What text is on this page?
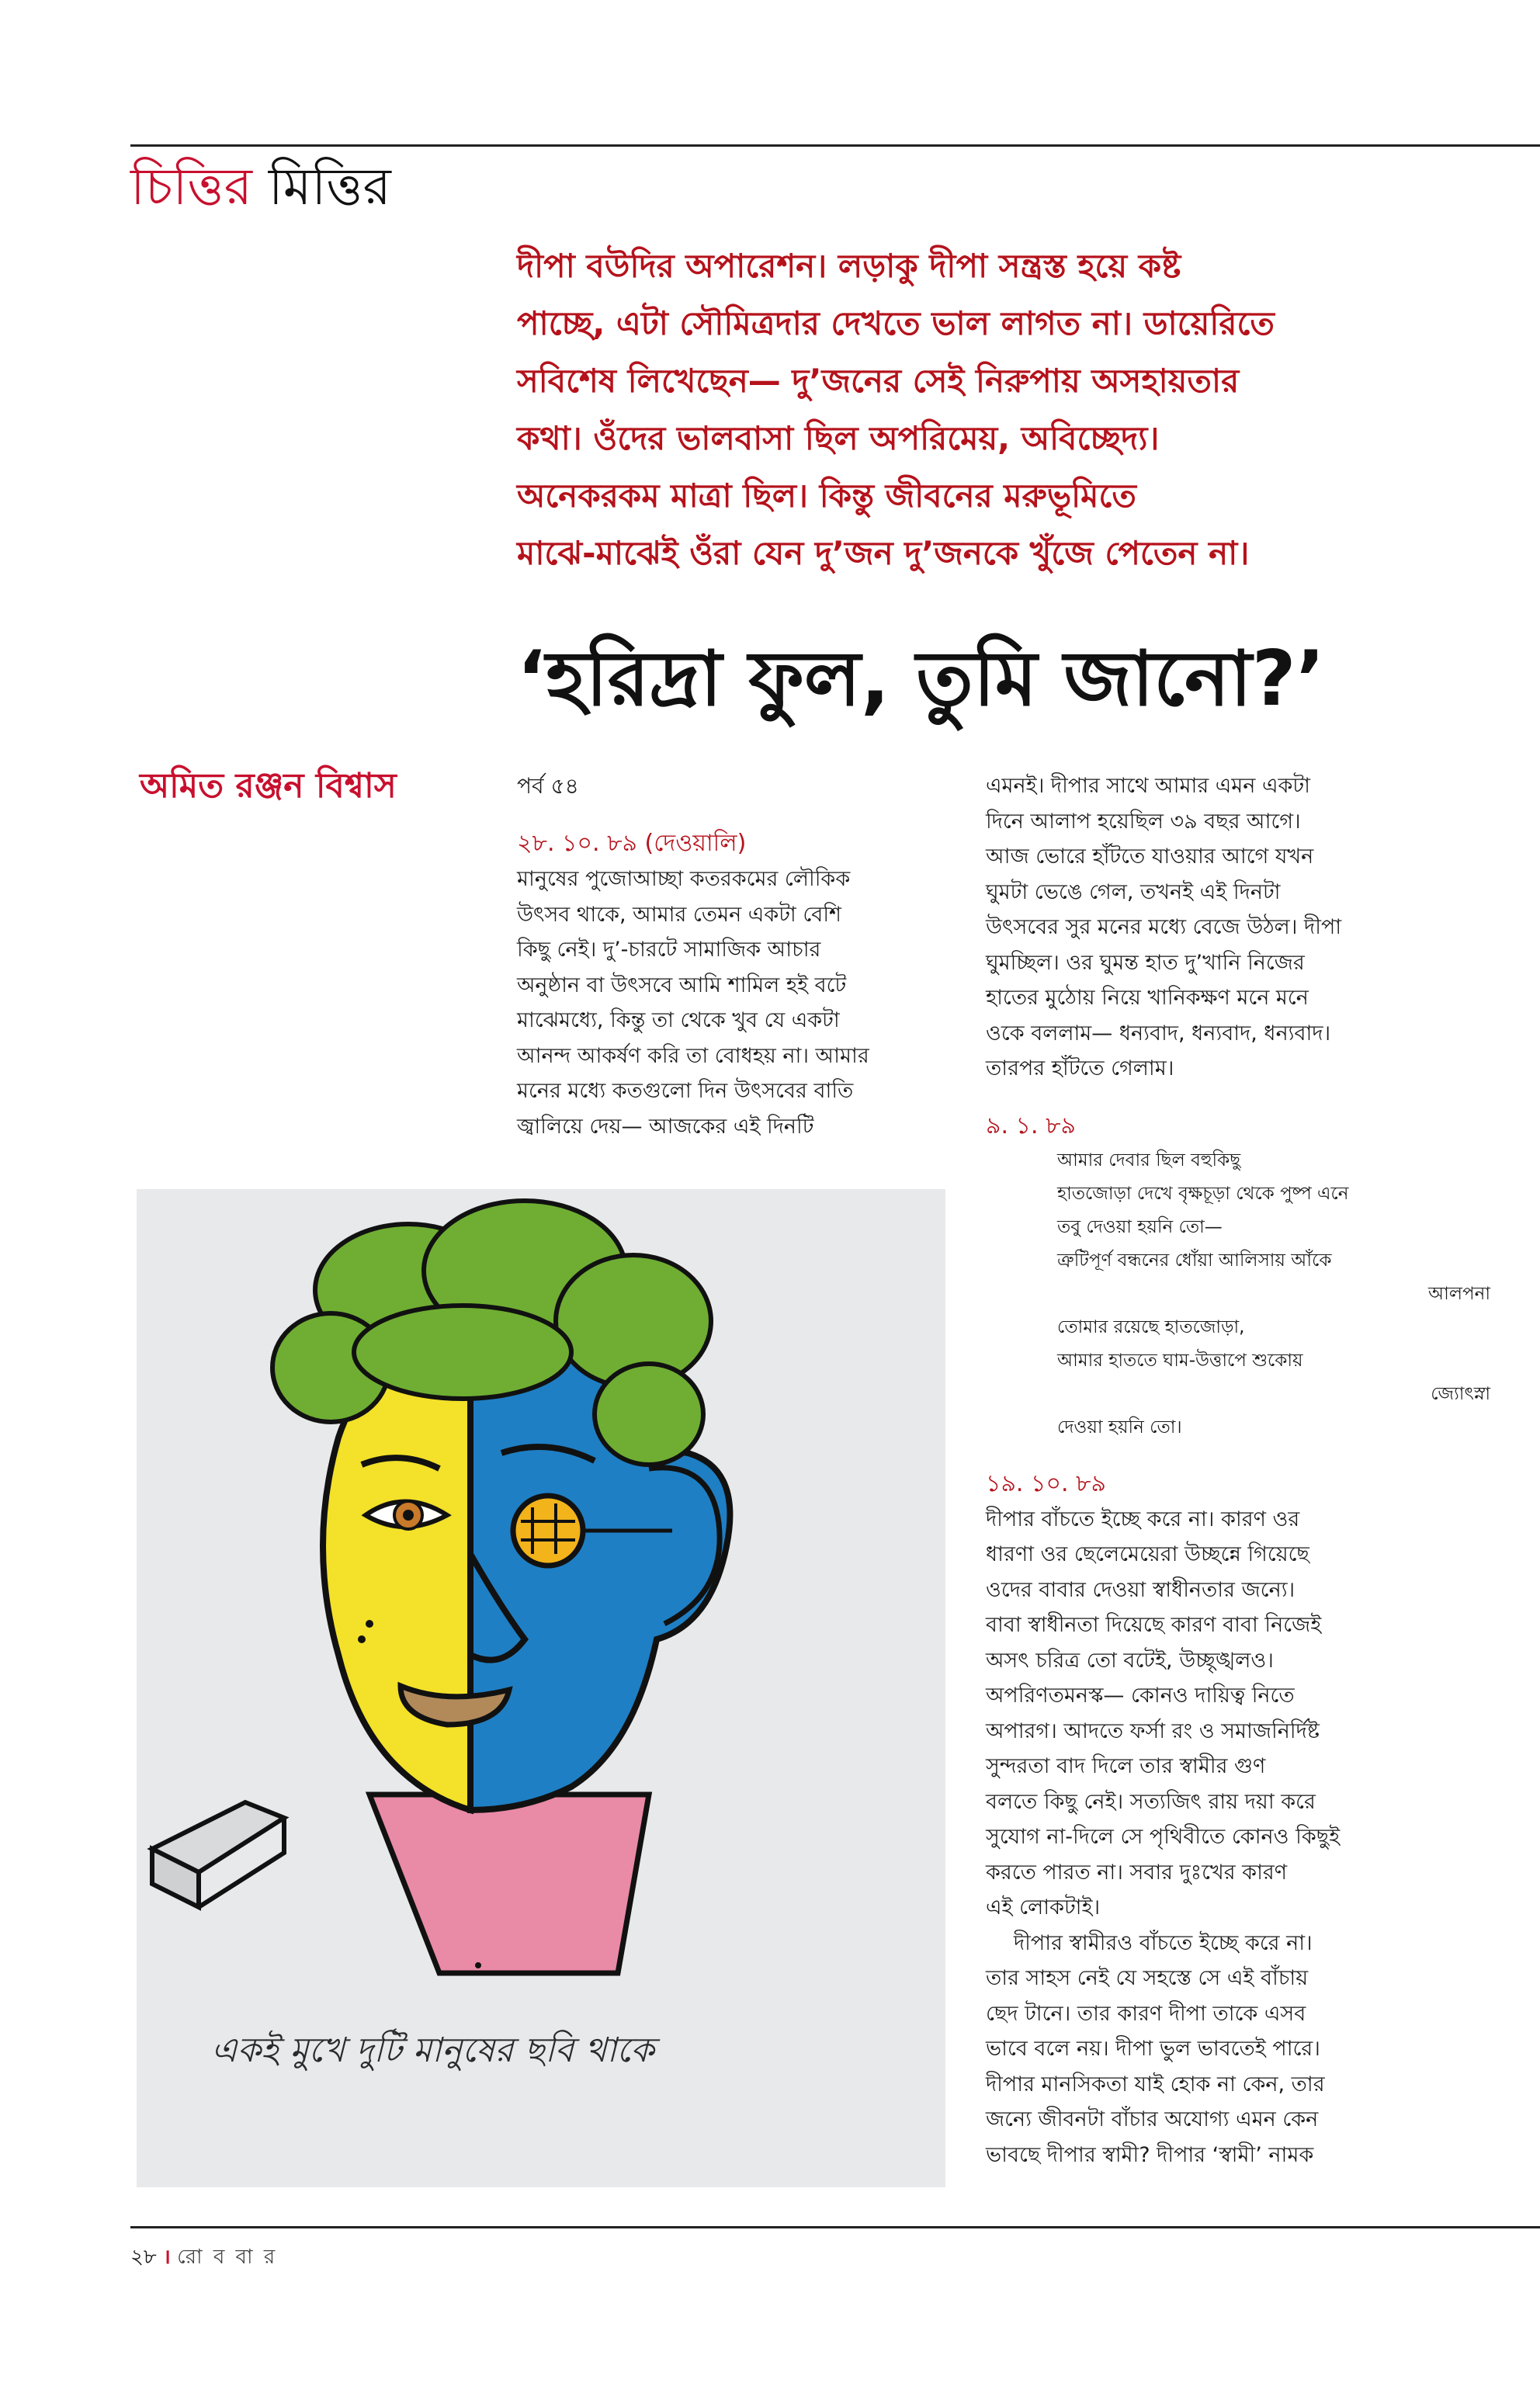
চিত্তির মিত্তির
দীপা বউদির অপারেশন। লড়াকু দীপা সন্ত্রস্ত হয়ে কষ্ট
পাচ্ছে, এটা সৌমিত্রদার দেখতে ভাল লাগত না। ডায়েরিতে
সবিশেষ লিখেছেন— দু’জনের সেই নিরুপায় অসহায়তার
কথা। ওঁদের ভালবাসা ছিল অপরিমেয়, অবিচ্ছেদ্য।
অনেকরকম মাত্রা ছিল। কিন্তু জীবনের মরুভূমিতে
মাঝে-মাঝেই ওঁরা যেন দু’জন দু’জনকে খুঁজে পেতেন না।
‘হরিদ্রা ফুল, তুমি জানো?’
অমিত রঞ্জন বিশ্বাস	পর্ব ৫৪
২৮. ১০. ৮৯ (দেওয়ালি)
মানুষের পুজোআচ্ছা কতরকমের লৌকিক
উৎসব থাকে, আমার তেমন একটা বেশি
কিছু নেই। দু’-চারটে সামাজিক আচার
অনুষ্ঠান বা উৎসবে আমি শামিল হই বটে
মাঝেমধ্যে, কিন্তু তা থেকে খুব যে একটা
আনন্দ আকর্ষণ করি তা বোধহয় না। আমার
মনের মধ্যে কতগুলো দিন উৎসবের বাতি
জ্বালিয়ে দেয়— আজকের এই দিনটি
এমনই। দীপার সাথে আমার এমন একটা
দিনে আলাপ হয়েছিল ৩৯ বছর আগে।
আজ ভোরে হাঁটতে যাওয়ার আগে যখন
ঘুমটা ভেঙে গেল, তখনই এই দিনটা
উৎসবের সুর মনের মধ্যে বেজে উঠল। দীপা
ঘুমচ্ছিল। ওর ঘুমন্ত হাত দু’খানি নিজের
হাতের মুঠোয় নিয়ে খানিকক্ষণ মনে মনে
ওকে বললাম— ধন্যবাদ, ধন্যবাদ, ধন্যবাদ।
তারপর হাঁটতে গেলাম।
৯. ১. ৮৯
আমার দেবার ছিল বহুকিছু
হাতজোড়া দেখে বৃক্ষচূড়া থেকে পুষ্প এনে
তবু দেওয়া হয়নি তো—
ত্রুটিপূর্ণ বন্ধনের ধোঁয়া আলিসায় আঁকে
আলপনা
তোমার রয়েছে হাতজোড়া,
আমার হাততে ঘাম-উত্তাপে শুকোয়
জ্যোৎস্না
দেওয়া হয়নি তো।
১৯. ১০. ৮৯
দীপার বাঁচতে ইচ্ছে করে না। কারণ ওর
ধারণা ওর ছেলেমেয়েরা উচ্ছন্নে গিয়েছে
ওদের বাবার দেওয়া স্বাধীনতার জন্যে।
বাবা স্বাধীনতা দিয়েছে কারণ বাবা নিজেই
অসৎ চরিত্র তো বটেই, উচ্ছৃঙ্খলও।
অপরিণতমনস্ক— কোনও দায়িত্ব নিতে
অপারগ। আদতে ফর্সা রং ও সমাজনির্দিষ্ট
সুন্দরতা বাদ দিলে তার স্বামীর গুণ
বলতে কিছু নেই। সত্যজিৎ রায় দয়া করে
সুযোগ না-দিলে সে পৃথিবীতে কোনও কিছুই
করতে পারত না। সবার দুঃখের কারণ
এই লোকটাই।
দীপার স্বামীরও বাঁচতে ইচ্ছে করে না।
তার সাহস নেই যে সহস্তে সে এই বাঁচায়
ছেদ টানে। তার কারণ দীপা তাকে এসব
ভাবে বলে নয়। দীপা ভুল ভাবতেই পারে।
দীপার মানসিকতা যাই হোক না কেন, তার
জন্যে জীবনটা বাঁচার অযোগ্য এমন কেন
ভাবছে দীপার স্বামী? দীপার ‘স্বামী’ নামক
একই মুখে দুটি মানুষের ছবি থাকে
২৮ । রো ব বা র
